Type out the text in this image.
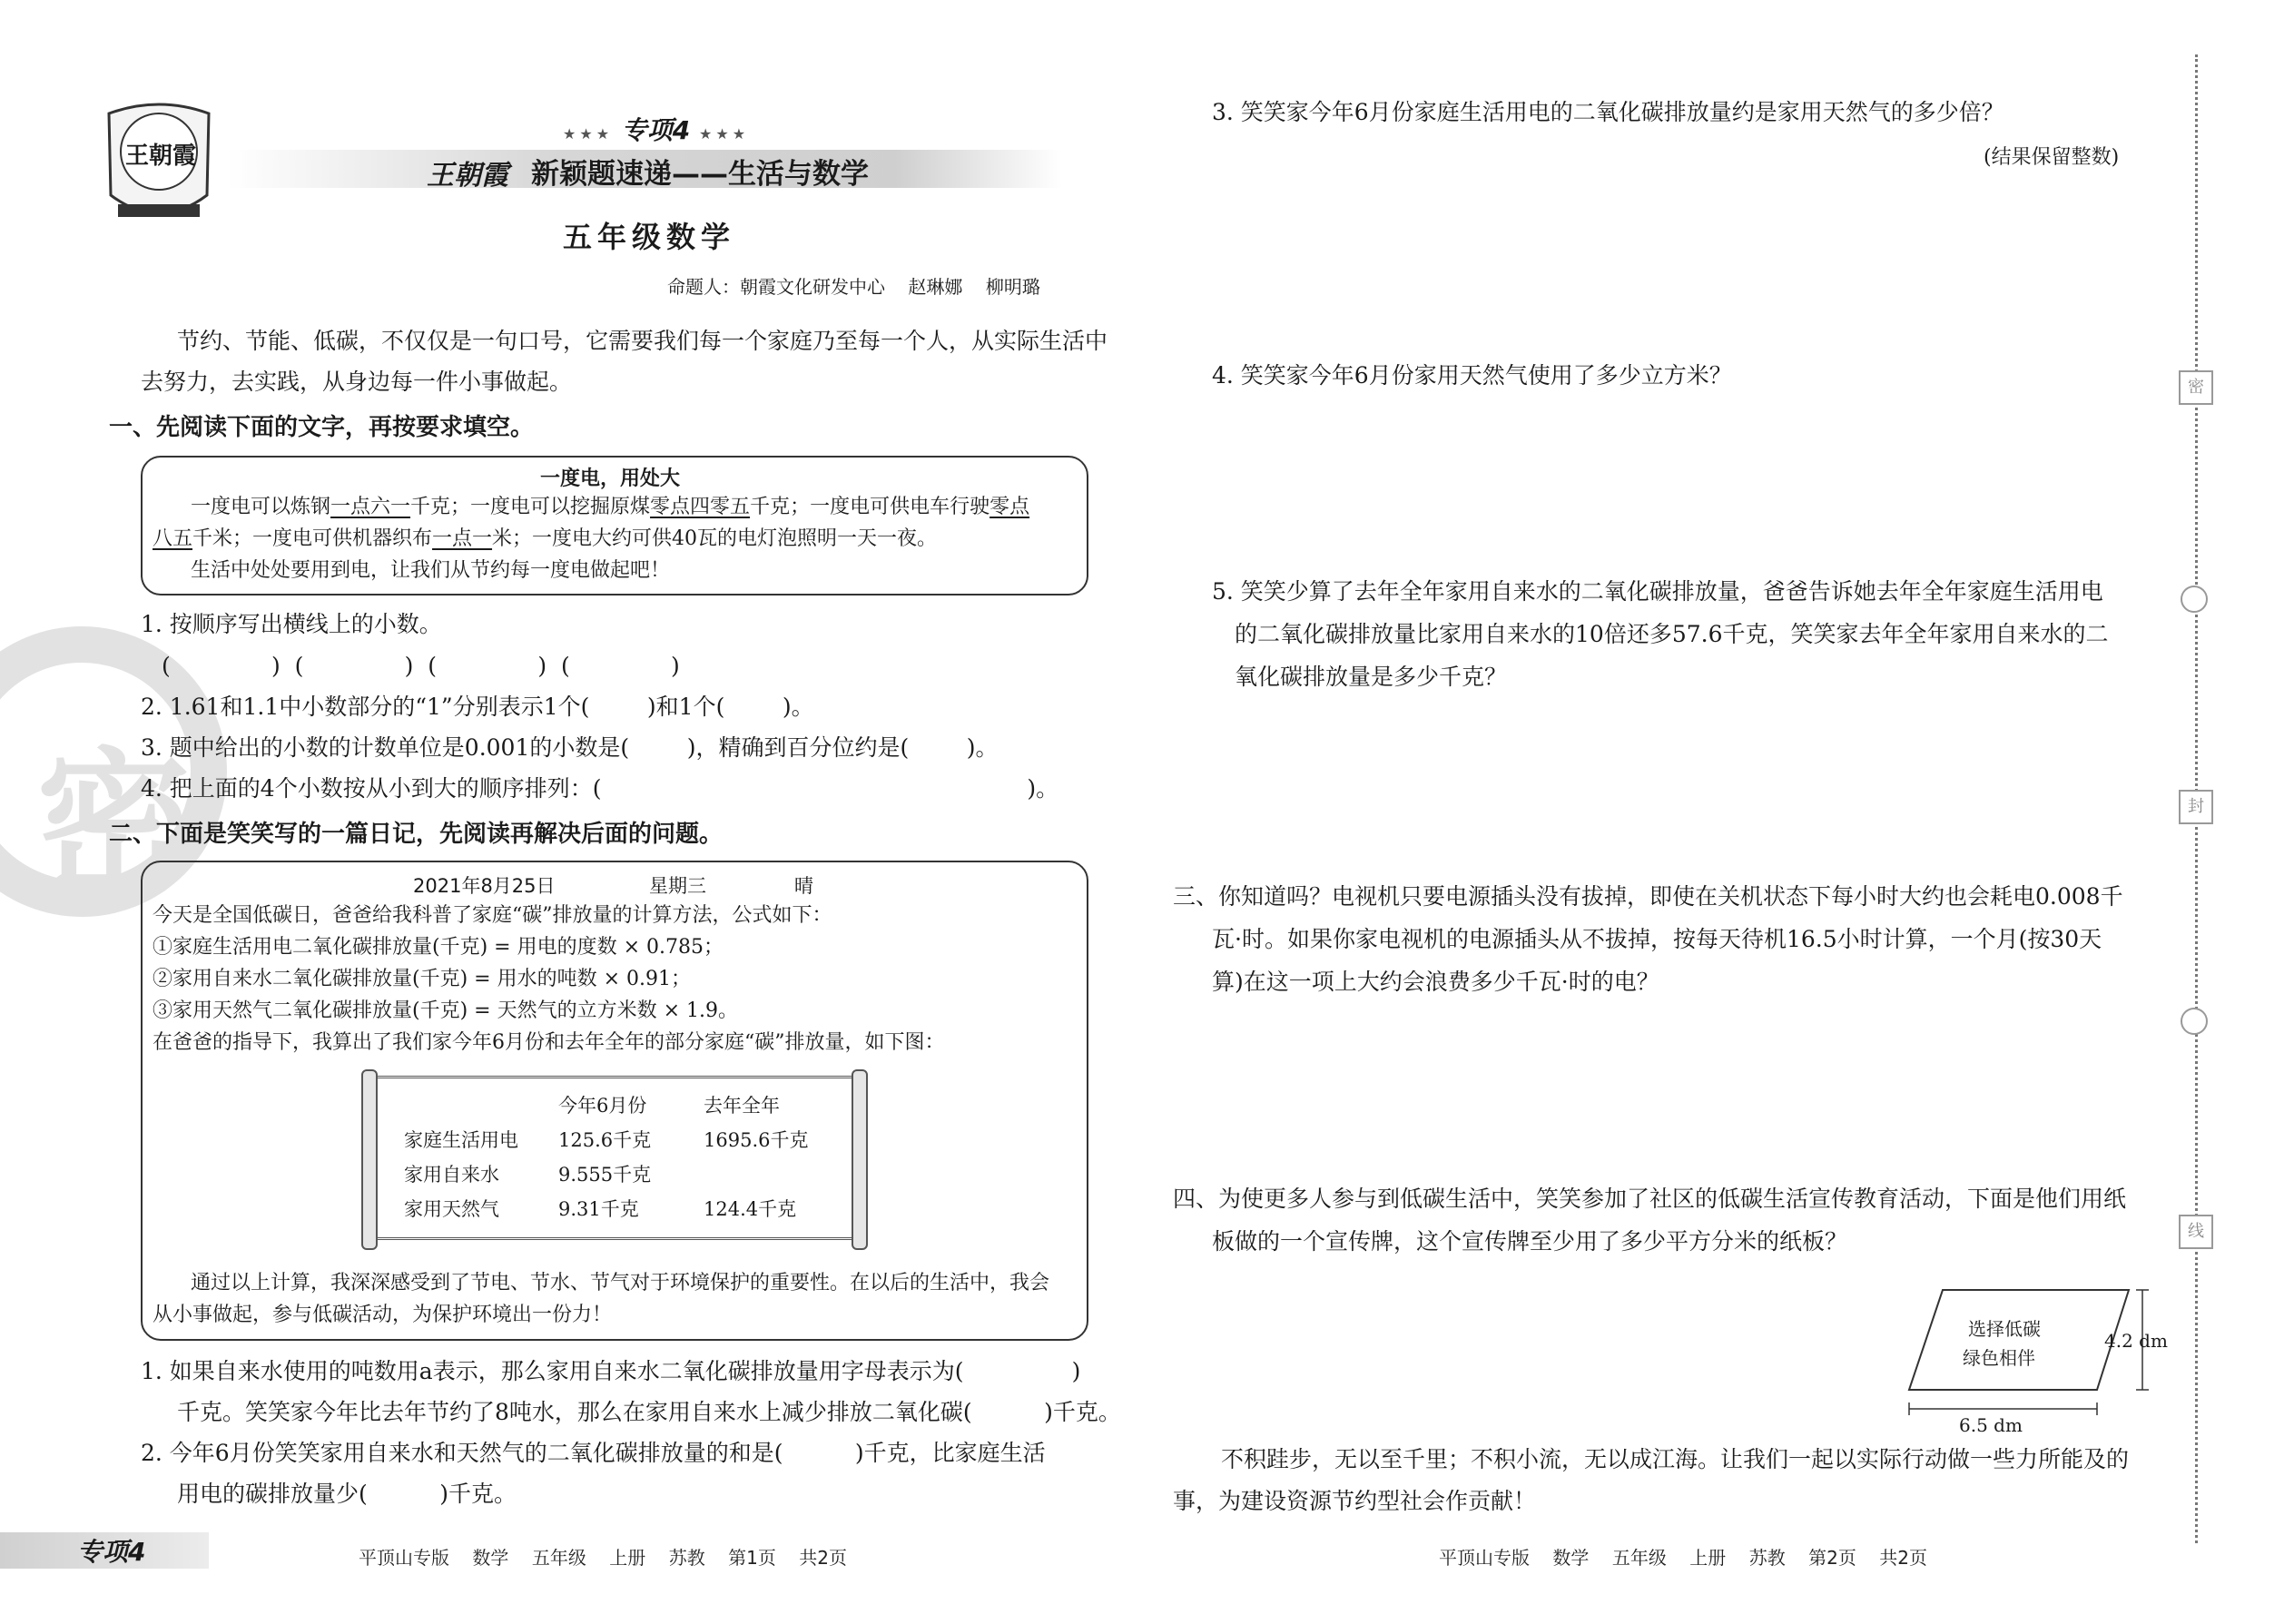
密
王朝霞
★★★ 专项4 ★★★
王朝霞 新颖题速递——生活与数学
五年级数学
命题人：朝霞文化研发中心    赵琳娜    柳明璐
节约、节能、低碳，不仅仅是一句口号，它需要我们每一个家庭乃至每一个人，从实际生活中
去努力，去实践，从身边每一件小事做起。
一、先阅读下面的文字，再按要求填空。
一度电，用处大
一度电可以炼钢一点六一千克；一度电可以挖掘原煤零点四零五千克；一度电可供电车行驶零点
八五千米；一度电可供机器织布一点一米；一度电大约可供40瓦的电灯泡照明一天一夜。
生活中处处要用到电，让我们从节约每一度电做起吧！
1. 按顺序写出横线上的小数。
(              )  (              )  (              )  (              )
2. 1.61和1.1中小数部分的“1”分别表示1个(        )和1个(        )。
3. 题中给出的小数的计数单位是0.001的小数是(        )，精确到百分位约是(        )。
4. 把上面的4个小数按从小到大的顺序排列：(                                                           )。
二、下面是笑笑写的一篇日记，先阅读再解决后面的问题。
2021年8月25日	星期三	晴
今天是全国低碳日，爸爸给我科普了家庭“碳”排放量的计算方法，公式如下：
①家庭生活用电二氧化碳排放量(千克) = 用电的度数 × 0.785；
②家用自来水二氧化碳排放量(千克) = 用水的吨数 × 0.91；
③家用天然气二氧化碳排放量(千克) = 天然气的立方米数 × 1.9。
在爸爸的指导下，我算出了我们家今年6月份和去年全年的部分家庭“碳”排放量，如下图：
	今年6月份	去年全年
家庭生活用电	125.6千克	1695.6千克
家用自来水	9.555千克	
家用天然气	9.31千克	124.4千克
通过以上计算，我深深感受到了节电、节水、节气对于环境保护的重要性。在以后的生活中，我会
从小事做起，参与低碳活动，为保护环境出一份力！
1. 如果自来水使用的吨数用a表示，那么家用自来水二氧化碳排放量用字母表示为(               )
千克。笑笑家今年比去年节约了8吨水，那么在家用自来水上减少排放二氧化碳(          )千克。
2. 今年6月份笑笑家用自来水和天然气的二氧化碳排放量的和是(          )千克，比家庭生活
用电的碳排放量少(          )千克。
3. 笑笑家今年6月份家庭生活用电的二氧化碳排放量约是家用天然气的多少倍？
(结果保留整数)
4. 笑笑家今年6月份家用天然气使用了多少立方米？
5. 笑笑少算了去年全年家用自来水的二氧化碳排放量，爸爸告诉她去年全年家庭生活用电
的二氧化碳排放量比家用自来水的10倍还多57.6千克，笑笑家去年全年家用自来水的二
氧化碳排放量是多少千克？
三、你知道吗？电视机只要电源插头没有拔掉，即使在关机状态下每小时大约也会耗电0.008千
瓦·时。如果你家电视机的电源插头从不拔掉，按每天待机16.5小时计算，一个月(按30天
算)在这一项上大约会浪费多少千瓦·时的电？
四、为使更多人参与到低碳生活中，笑笑参加了社区的低碳生活宣传教育活动，下面是他们用纸
板做的一个宣传牌，这个宣传牌至少用了多少平方分米的纸板？
选择低碳
绿色相伴
4.2 dm
6.5 dm
不积跬步，无以至千里；不积小流，无以成江海。让我们一起以实际行动做一些力所能及的
事，为建设资源节约型社会作贡献！
密
封
线
专项4	平顶山专版    数学    五年级    上册    苏教    第1页    共2页	平顶山专版    数学    五年级    上册    苏教    第2页    共2页
